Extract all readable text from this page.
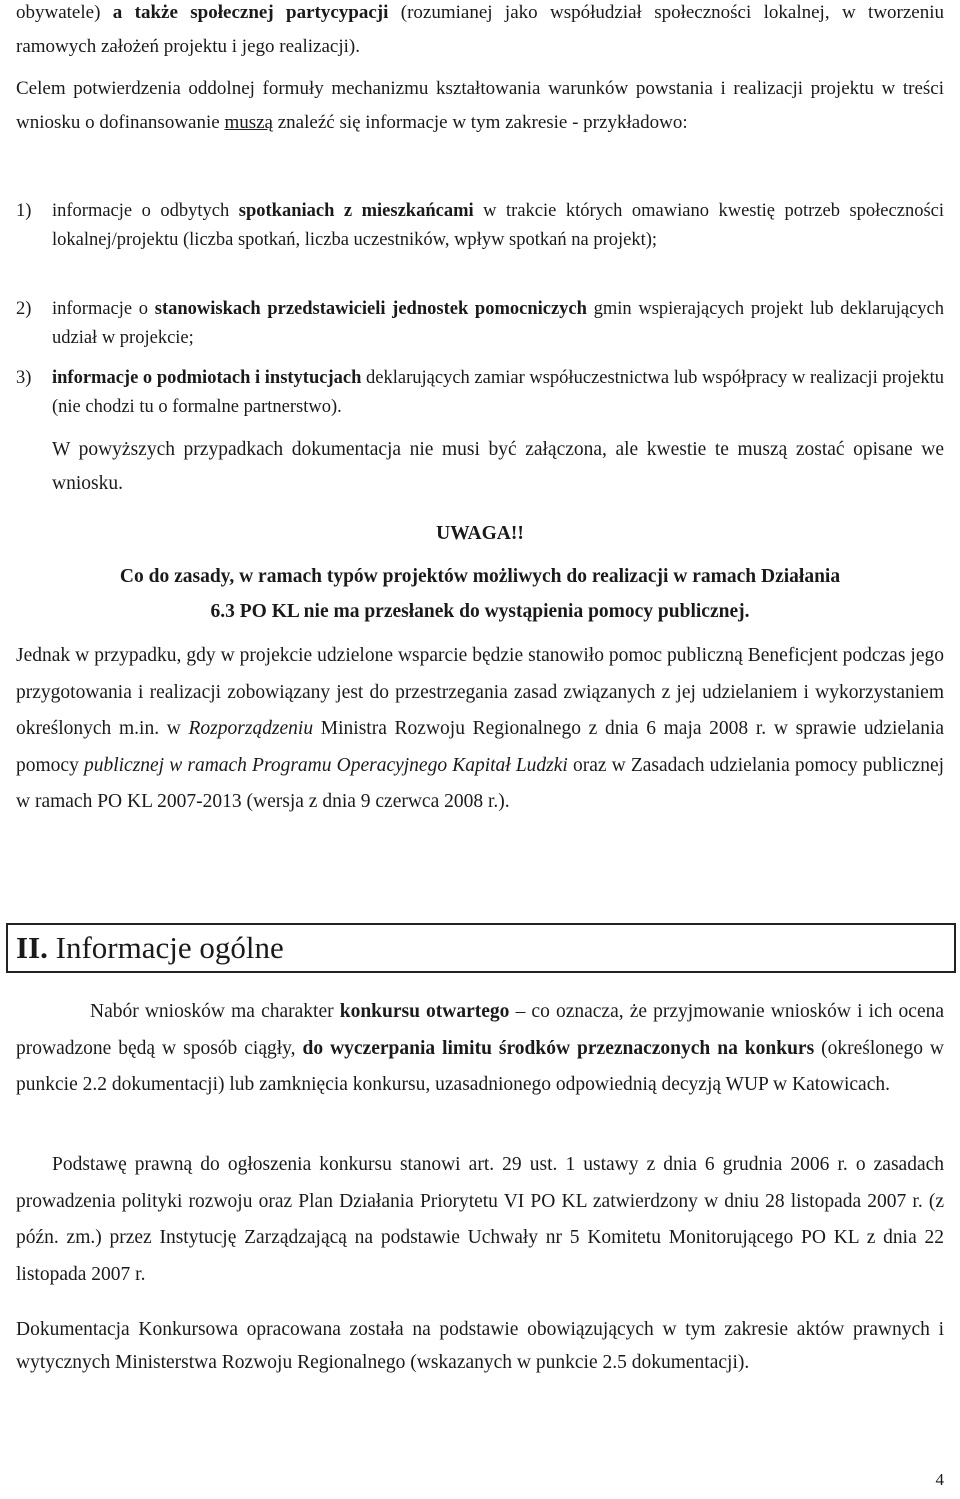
obywatele) a także społecznej partycypacji (rozumianej jako współudział społeczności lokalnej, w tworzeniu ramowych założeń projektu i jego realizacji).

Celem potwierdzenia oddolnej formuły mechanizmu kształtowania warunków powstania i realizacji projektu w treści wniosku o dofinansowanie muszą znaleźć się informacje w tym zakresie - przykładowo:

1) informacje o odbytych spotkaniach z mieszkańcami w trakcie których omawiano kwestię potrzeb społeczności lokalnej/projektu (liczba spotkań, liczba uczestników, wpływ spotkań na projekt);

2) informacje o stanowiskach przedstawicieli jednostek pomocniczych gmin wspierających projekt lub deklarujących udział w projekcie;

3) informacje o podmiotach i instytucjach deklarujących zamiar współuczestnictwa lub współpracy w realizacji projektu (nie chodzi tu o formalne partnerstwo).

W powyższych przypadkach dokumentacja nie musi być załączona, ale kwestie te muszą zostać opisane we wniosku.

UWAGA!!

Co do zasady, w ramach typów projektów możliwych do realizacji w ramach Działania

6.3 PO KL nie ma przesłanek do wystąpienia pomocy publicznej.

Jednak w przypadku, gdy w projekcie udzielone wsparcie będzie stanowiło pomoc publiczną Beneficjent podczas jego przygotowania i realizacji zobowiązany jest do przestrzegania zasad związanych z jej udzielaniem i wykorzystaniem określonych m.in. w Rozporządzeniu Ministra Rozwoju Regionalnego z dnia 6 maja 2008 r. w sprawie udzielania pomocy publicznej w ramach Programu Operacyjnego Kapitał Ludzki oraz w Zasadach udzielania pomocy publicznej w ramach PO KL 2007-2013 (wersja z dnia 9 czerwca 2008 r.).

II. Informacje ogólne

Nabór wniosków ma charakter konkursu otwartego – co oznacza, że przyjmowanie wniosków i ich ocena prowadzone będą w sposób ciągły, do wyczerpania limitu środków przeznaczonych na konkurs (określonego w punkcie 2.2 dokumentacji) lub zamknięcia konkursu, uzasadnionego odpowiednią decyzją WUP w Katowicach.

Podstawę prawną do ogłoszenia konkursu stanowi art. 29 ust. 1 ustawy z dnia 6 grudnia 2006 r. o zasadach prowadzenia polityki rozwoju oraz Plan Działania Priorytetu VI PO KL zatwierdzony w dniu 28 listopada 2007 r. (z późn. zm.) przez Instytucję Zarządzającą na podstawie Uchwały nr 5 Komitetu Monitorującego PO KL z dnia 22 listopada 2007 r.

Dokumentacja Konkursowa opracowana została na podstawie obowiązujących w tym zakresie aktów prawnych i wytycznych Ministerstwa Rozwoju Regionalnego (wskazanych w punkcie 2.5 dokumentacji).

4
